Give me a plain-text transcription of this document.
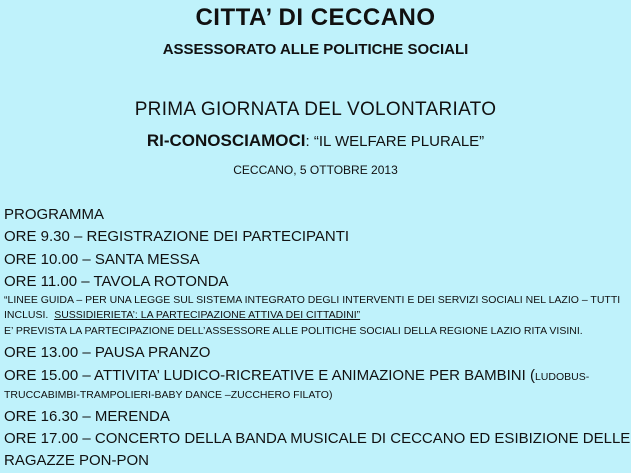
CITTA’ DI CECCANO
ASSESSORATO ALLE POLITICHE SOCIALI
PRIMA GIORNATA DEL VOLONTARIATO
RI-CONOSCIAMOCI: “IL WELFARE PLURALE”
CECCANO, 5 OTTOBRE 2013
PROGRAMMA
ORE 9.30 – REGISTRAZIONE DEI PARTECIPANTI
ORE 10.00 – SANTA MESSA
ORE 11.00 – TAVOLA ROTONDA
“LINEE GUIDA – PER UNA LEGGE SUL SISTEMA INTEGRATO DEGLI INTERVENTI E DEI SERVIZI SOCIALI NEL LAZIO – TUTTI
INCLUSI.  SUSSIDIERIETA’: LA PARTECIPAZIONE ATTIVA DEI CITTADINI”
E’ PREVISTA LA PARTECIPAZIONE DELL’ASSESSORE ALLE POLITICHE SOCIALI DELLA REGIONE LAZIO RITA VISINI.
ORE 13.00 – PAUSA PRANZO
ORE 15.00 – ATTIVITA’ LUDICO-RICREATIVE E ANIMAZIONE PER BAMBINI (LUDOBUS-
TRUCCABIMBI-TRAMPOLIERI-BABY DANCE –ZUCCHERO FILATO)
ORE 16.30 – MERENDA
ORE 17.00 – CONCERTO DELLA BANDA MUSICALE DI CECCANO ED ESIBIZIONE DELLE
RAGAZZE PON-PON
